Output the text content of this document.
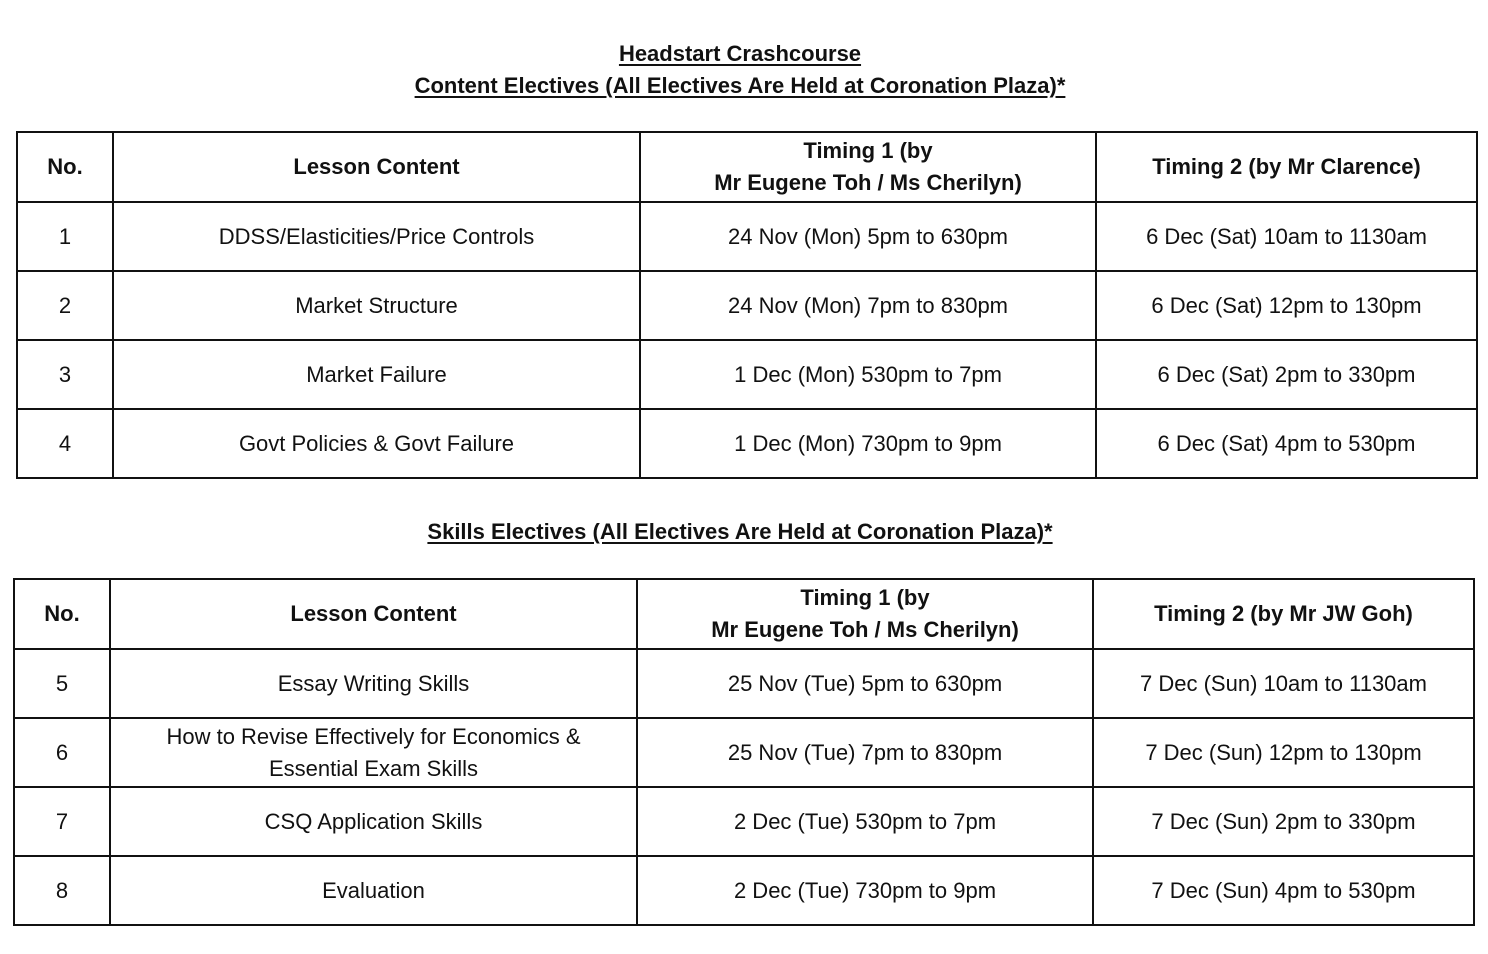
Headstart Crashcourse
Content Electives (All Electives Are Held at Coronation Plaza)*
No.	Lesson Content	Timing 1 (by
Mr Eugene Toh / Ms Cherilyn)	Timing 2 (by Mr Clarence)
1	DDSS/Elasticities/Price Controls	24 Nov (Mon) 5pm to 630pm	6 Dec (Sat) 10am to 1130am
2	Market Structure	24 Nov (Mon) 7pm to 830pm	6 Dec (Sat) 12pm to 130pm
3	Market Failure	1 Dec (Mon) 530pm to 7pm	6 Dec (Sat) 2pm to 330pm
4	Govt Policies & Govt Failure	1 Dec (Mon) 730pm to 9pm	6 Dec (Sat) 4pm to 530pm
Skills Electives (All Electives Are Held at Coronation Plaza)*
No.	Lesson Content	Timing 1 (by
Mr Eugene Toh / Ms Cherilyn)	Timing 2 (by Mr JW Goh)
5	Essay Writing Skills	25 Nov (Tue) 5pm to 630pm	7 Dec (Sun) 10am to 1130am
6	How to Revise Effectively for Economics &
Essential Exam Skills	25 Nov (Tue) 7pm to 830pm	7 Dec (Sun) 12pm to 130pm
7	CSQ Application Skills	2 Dec (Tue) 530pm to 7pm	7 Dec (Sun) 2pm to 330pm
8	Evaluation	2 Dec (Tue) 730pm to 9pm	7 Dec (Sun) 4pm to 530pm
